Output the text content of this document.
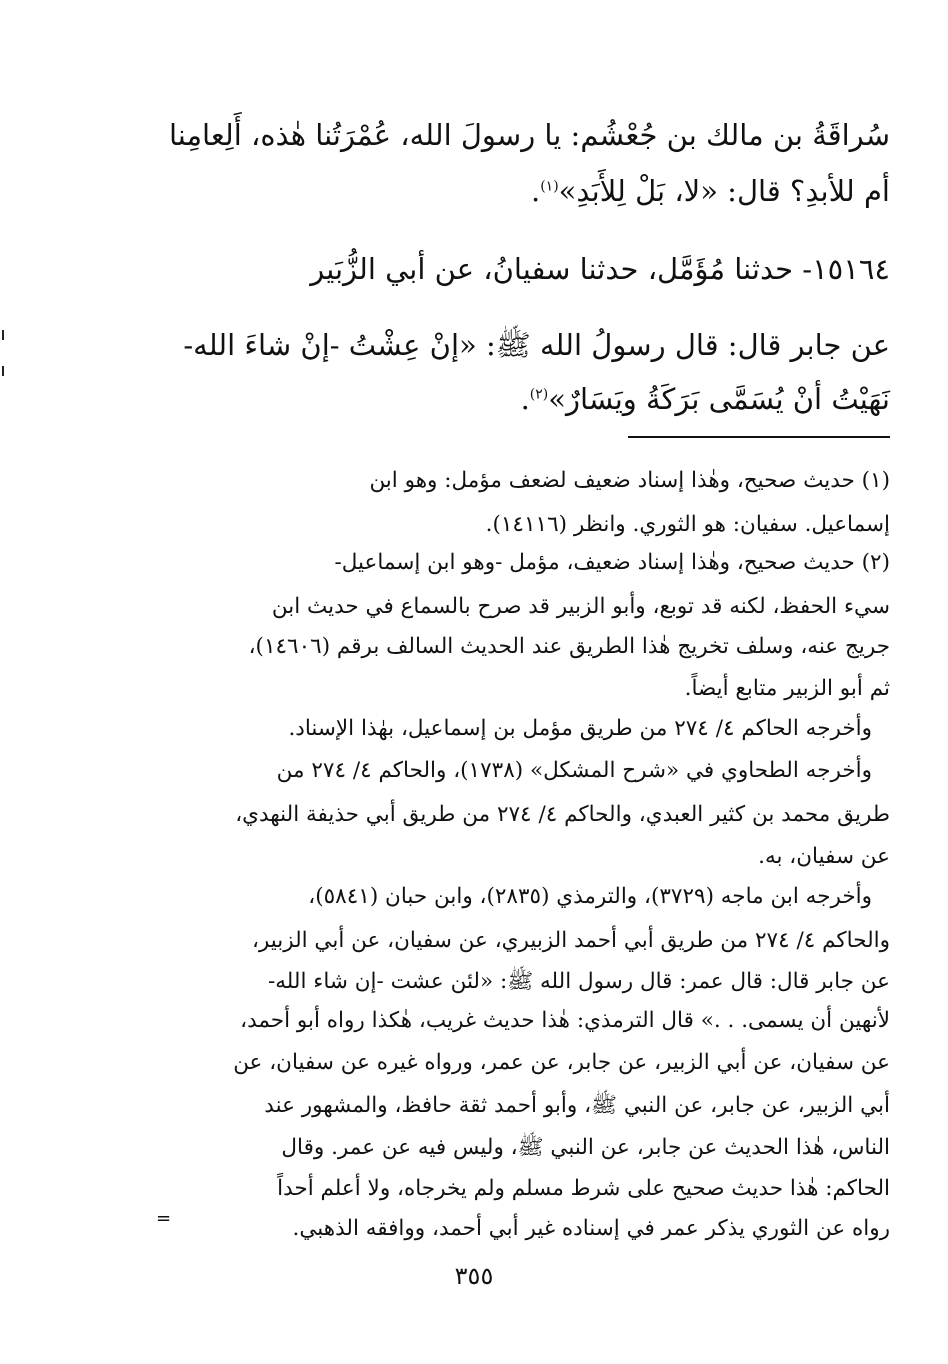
سُراقَةُ بن مالك بن جُعْشُم: يا رسولَ الله، عُمْرَتُنا هٰذه، أَلِعامِنا
أم للأبدِ؟ قال: «لا، بَلْ لِلأَبَدِ»$^{(١)}$.
١٥١٦٤- حدثنا مُؤَمَّل، حدثنا سفيانُ، عن أبي الزُّبَير
عن جابر قال: قال رسولُ الله ﷺ: «إنْ عِشْتُ -إنْ شاءَ الله-
نَهَيْتُ أنْ يُسَمَّى بَرَكَةُ ويَسَارٌ»$^{(٢)}$.
(١) حديث صحيح، وهٰذا إسناد ضعيف لضعف مؤمل: وهو ابن
إسماعيل. سفيان: هو الثوري. وانظر (١٤١١٦).
(٢) حديث صحيح، وهٰذا إسناد ضعيف، مؤمل -وهو ابن إسماعيل-
سيء الحفظ، لكنه قد توبع، وأبو الزبير قد صرح بالسماع في حديث ابن
جريج عنه، وسلف تخريج هٰذا الطريق عند الحديث السالف برقم (١٤٦٠٦)،
ثم أبو الزبير متابع أيضاً.
وأخرجه الحاكم ٤/ ٢٧٤ من طريق مؤمل بن إسماعيل، بهٰذا الإسناد.
وأخرجه الطحاوي في «شرح المشكل» (١٧٣٨)، والحاكم ٤/ ٢٧٤ من
طريق محمد بن كثير العبدي، والحاكم ٤/ ٢٧٤ من طريق أبي حذيفة النهدي،
عن سفيان، به.
وأخرجه ابن ماجه (٣٧٢٩)، والترمذي (٢٨٣٥)، وابن حبان (٥٨٤١)،
والحاكم ٤/ ٢٧٤ من طريق أبي أحمد الزبيري، عن سفيان، عن أبي الزبير،
عن جابر قال: قال عمر: قال رسول الله ﷺ: «لئن عشت -إن شاء الله-
لأنهين أن يسمى. . .» قال الترمذي: هٰذا حديث غريب، هٰكذا رواه أبو أحمد،
عن سفيان، عن أبي الزبير، عن جابر، عن عمر، ورواه غيره عن سفيان، عن
أبي الزبير، عن جابر، عن النبي ﷺ، وأبو أحمد ثقة حافظ، والمشهور عند
الناس، هٰذا الحديث عن جابر، عن النبي ﷺ، وليس فيه عن عمر. وقال
الحاكم: هٰذا حديث صحيح على شرط مسلم ولم يخرجاه، ولا أعلم أحداً
رواه عن الثوري يذكر عمر في إسناده غير أبي أحمد، ووافقه الذهبي.
=
٣٥٥
